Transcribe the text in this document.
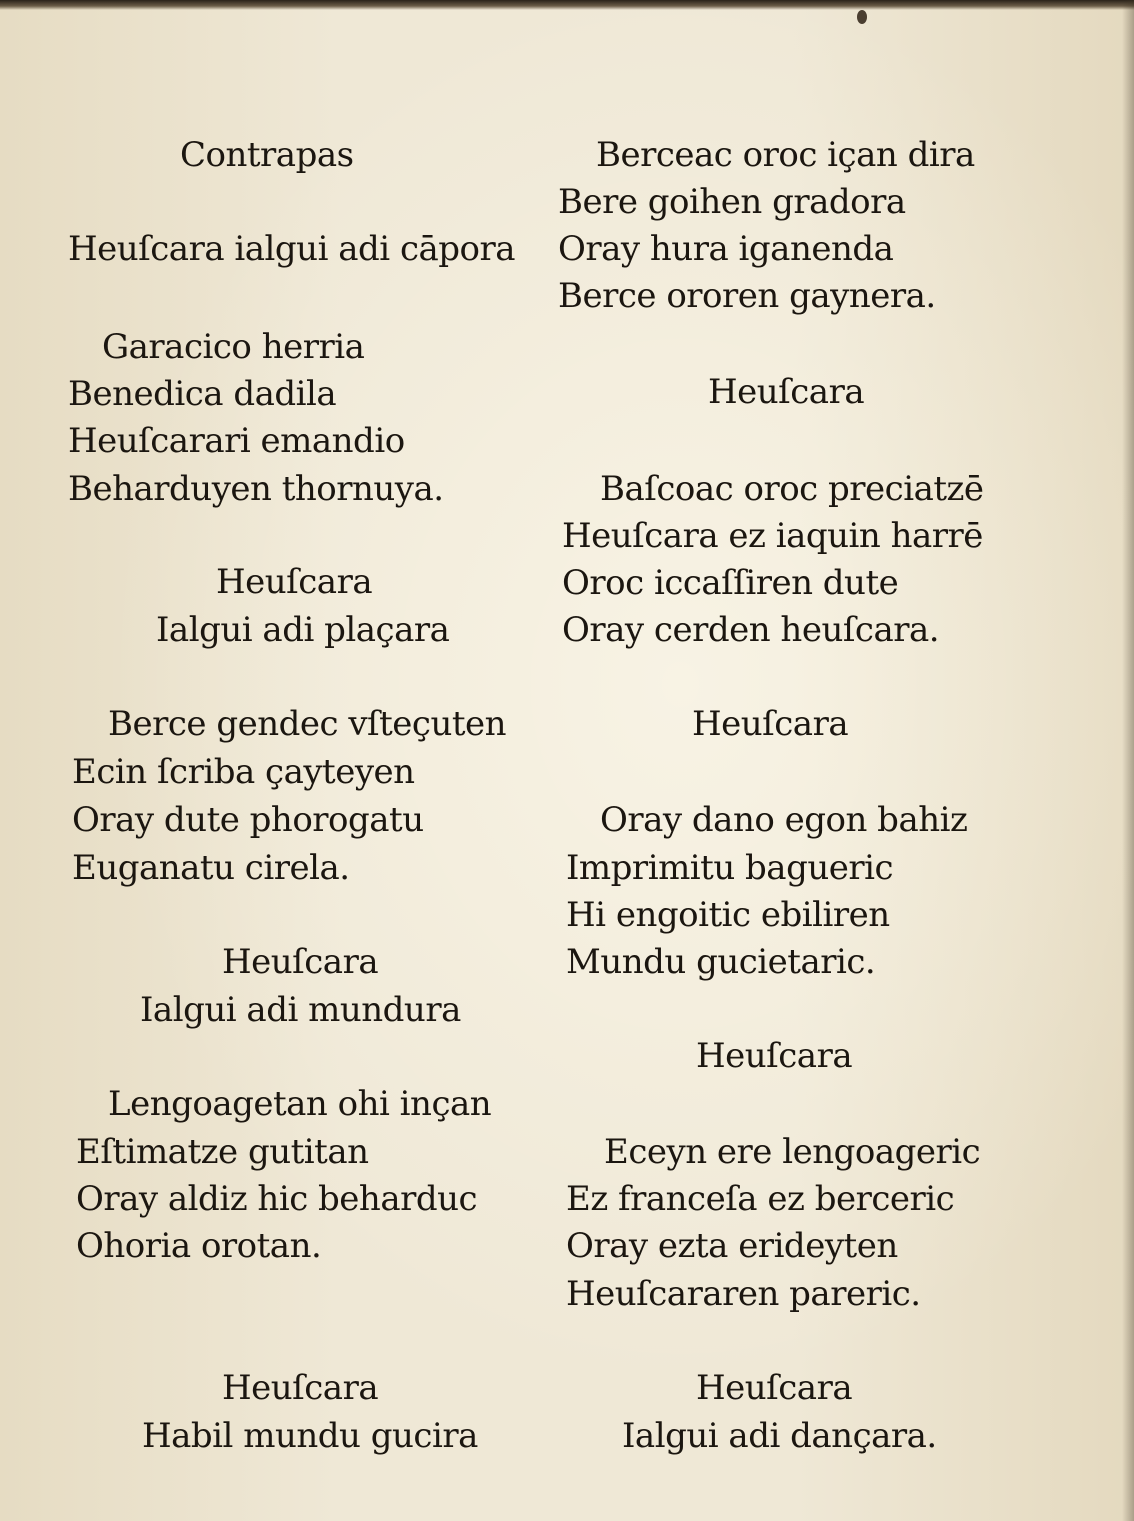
Contrapas
Heuſcara ialgui adi cāpora
Garacico herria
Benedica dadila
Heuſcarari emandio
Beharduyen thornuya.
Heuſcara
Ialgui adi plaçara
Berce gendec vſteçuten
Ecin ſcriba çayteyen
Oray dute phorogatu
Euganatu cirela.
Heuſcara
Ialgui adi mundura
Lengoagetan ohi inçan
Eſtimatze gutitan
Oray aldiz hic beharduc
Ohoria orotan.
Heuſcara
Habil mundu gucira
Berceac oroc içan dira
Bere goihen gradora
Oray hura iganenda
Berce ororen gaynera.
Heuſcara
Baſcoac oroc preciatzē
Heuſcara ez iaquin harrē
Oroc iccaſſiren dute
Oray cerden heuſcara.
Heuſcara
Oray dano egon bahiz
Imprimitu bagueric
Hi engoitic ebiliren
Mundu gucietaric.
Heuſcara
Eceyn ere lengoageric
Ez franceſa ez berceric
Oray ezta erideyten
Heuſcararen pareric.
Heuſcara
Ialgui adi dançara.
